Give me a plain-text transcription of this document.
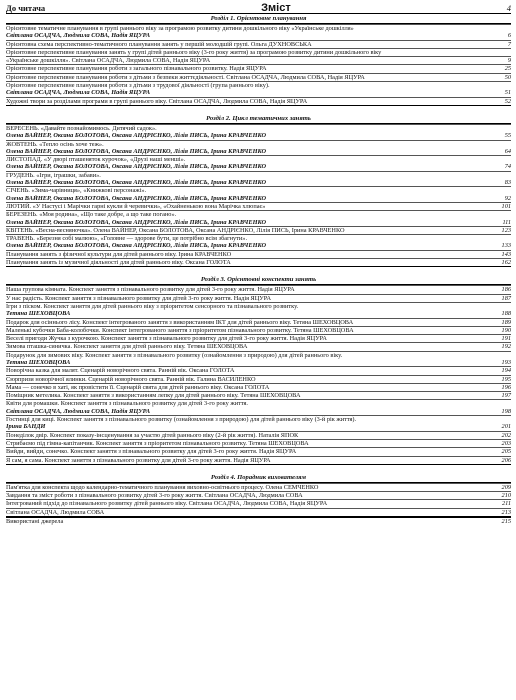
До читача	Зміст	4
Розділ 1. Орієнтовне планування
Орієнтовне тематичне планування в групі раннього віку за програмою розвитку дитини дошкільного віку «Українське дошкілля»
Світлана ОСАДЧА, Людмила СОВА, Надія ЯЦУРА	6
Орієнтовна схема перспективно-тематичного планування занять у першій молодшій групі. Ольга ДУХНОВСЬКА	7
Орієнтовне перспективне планування занять у групі дітей раннього віку (3-го року життя) за програмою розвитку дитини дошкільного віку
«Українське дошкілля». Світлана ОСАДЧА, Людмила СОВА, Надія ЯЦУРА	9
Орієнтовне перспективне планування роботи з загального пізнавального розвитку. Надія ЯЦУРА	25
Орієнтовне перспективне планування роботи з дітьми з безпеки життєдіяльності. Світлана ОСАДЧА, Людмила СОВА, Надія ЯЦУРА	50
Орієнтовне перспективне планування роботи з дітьми з трудової діяльності (група раннього віку).
Світлана ОСАДЧА, Людмила СОВА, Надія ЯЦУРА	51
Художні твори за розділами програми в групі раннього віку. Світлана ОСАДЧА, Людмила СОВА, Надія ЯЦУРА	52
Розділ 2. Цикл тематичних занять
ВЕРЕСЕНЬ. «Давайте познайомимось. Дитячий садок».
Олена ВАЙНЕР, Оксана БОЛОТОВА, Оксана АНДРІЄНКО, Лілія ПИСЬ, Ірина КРАВЧЕНКО	55
ЖОВТЕНЬ. «Тепло осінь хоче теж».
Олена ВАЙНЕР, Оксана БОЛОТОВА, Оксана АНДРІЄНКО, Лілія ПИСЬ, Ірина КРАВЧЕНКО	64
ЛИСТОПАД. «У дворі пташеняток курочок», «Друзі наші менші».
Олена ВАЙНЕР, Оксана БОЛОТОВА, Оксана АНДРІЄНКО, Лілія ПИСЬ, Ірина КРАВЧЕНКО	74
ГРУДЕНЬ. «Ігри, іграшки, забави».
Олена ВАЙНЕР, Оксана БОЛОТОВА, Оксана АНДРІЄНКО, Лілія ПИСЬ, Ірина КРАВЧЕНКО	83
СІЧЕНЬ. «Зима-чарівниця», «Книжкові персонажі».
Олена ВАЙНЕР, Оксана БОЛОТОВА, Оксана АНДРІЄНКО, Лілія ПИСЬ, Ірина КРАВЧЕНКО	92
ЛЮТИЙ. «У Настусі і Марічки гарні кукли й черевички», «Охайненькою вона Марічка хлюпає»	101
БЕРЕЗЕНЬ. «Моя родина», «Що таке добре, а що таке погано».
Олена ВАЙНЕР, Оксана БОЛОТОВА, Оксана АНДРІЄНКО, Лілія ПИСЬ, Ірина КРАВЧЕНКО	111
КВІТЕНЬ. «Весна-весняночка». Олена ВАЙНЕР, Оксана БОЛОТОВА, Оксана АНДРІЄНКО, Лілія ПИСЬ, Ірина КРАВЧЕНКО	123
ТРАВЕНЬ. «Березня собі малюю», «Головне — здорове бути, це потрібно всім збагнути».
Олена ВАЙНЕР, Оксана БОЛОТОВА, Оксана АНДРІЄНКО, Лілія ПИСЬ, Ірина КРАВЧЕНКО	133
Планування занять з фізичної культури для дітей раннього віку. Ірина КРАВЧЕНКО	143
Планування занять із музичної діяльності для дітей раннього віку. Оксана ГОЛОТА	162
Розділ 3. Орієнтовні конспекти занять
Наша групова кімната. Конспект заняття з пізнавального розвитку для дітей 3-го року життя. Надія ЯЦУРА	186
У нас радість. Конспект заняття з пізнавального розвитку для дітей 3-го року життя. Надія ЯЦУРА	187
Ігри з піском. Конспект заняття для дітей раннього віку з пріоритетом сенсорного та пізнавального розвитку.
Тетяна ШЕХОВЦОВА	188
Подарок для осіннього лісу. Конспект інтегрованого заняття з використанням ІКТ для дітей раннього віку. Тетяна ШЕХОВЦОВА	189
Маленькі кубочки Баба-колобочки. Конспект інтегрованого заняття з пріоритетом пізнавального розвитку. Тетяна ШЕХОВЦОВА	190
Веселі пригоди Жучка з курочкою. Конспект заняття з пізнавального розвитку для дітей 3-го року життя. Надія ЯЦУРА	191
Зимова пташка-синичка. Конспект заняття для дітей раннього віку. Тетяна ШЕХОВЦОВА	192
Подарунок для зимових віку. Конспект заняття з пізнавального розвитку (ознайомлення з природою) для дітей раннього віку.
Тетяна ШЕХОВЦОВА	193
Новорічна казка для малят. Сценарій новорічного свята. Ранній вік. Оксана ГОЛОТА	194
Сюрпризи новорічної ялинки. Сценарій новорічного свята. Ранній вік. Галина ВАСИЛЕНКО	195
Мама — сонечко в хаті, як провістити її. Сценарій свята для дітей раннього віку. Оксана ГОЛОТА	196
Поміщник метелика. Конспект заняття з використанням лепку для дітей раннього віку. Тетяна ШЕХОВЦОВА	197
Квіти для ромашки. Конспект заняття з пізнавального розвитку для дітей 3-го року життя.
Світлана ОСАДЧА, Людмила СОВА, Надія ЯЦУРА	198
Гостинці для киці. Конспект заняття з пізнавального розвитку (ознайомлення з природою) для дітей раннього віку (3-й рік життя).
Ірина БАНДИ	201
Понеділок двір. Конспект показу-інсценування за участю дітей раннього віку (2-й рік життя). Наталія ЯПОК	202
Стрибаємо під гімна-капітанчик. Конспект заняття з пріоритетом пізнавального розвитку. Тетяна ШЕХОВЦОВА	203
Вийди, вийди, сонечко. Конспект заняття з пізнавального розвитку для дітей 3-го року життя. Надія ЯЦУРА	205
Я сам, я сама. Конспект заняття з пізнавального розвитку для дітей 3-го року життя. Надія ЯЦУРА	206
Розділ 4. Порадник вихователям
Пам'ятка для конспекта щодо календарно-тематичного планування виховно-освітнього процесу. Олена СЕМЧЕНКО	209
Завдання та зміст роботи з пізнавального розвитку дітей 3-го року життя. Світлана ОСАДЧА, Людмила СОВА	210
Інтегрований підхід до пізнавального розвитку дітей раннього віку. Світлана ОСАДЧА, Людмила СОВА, Надія ЯЦУРА	211
Світлана ОСАДЧА, Людмила СОВА	213
Використані джерела	215
